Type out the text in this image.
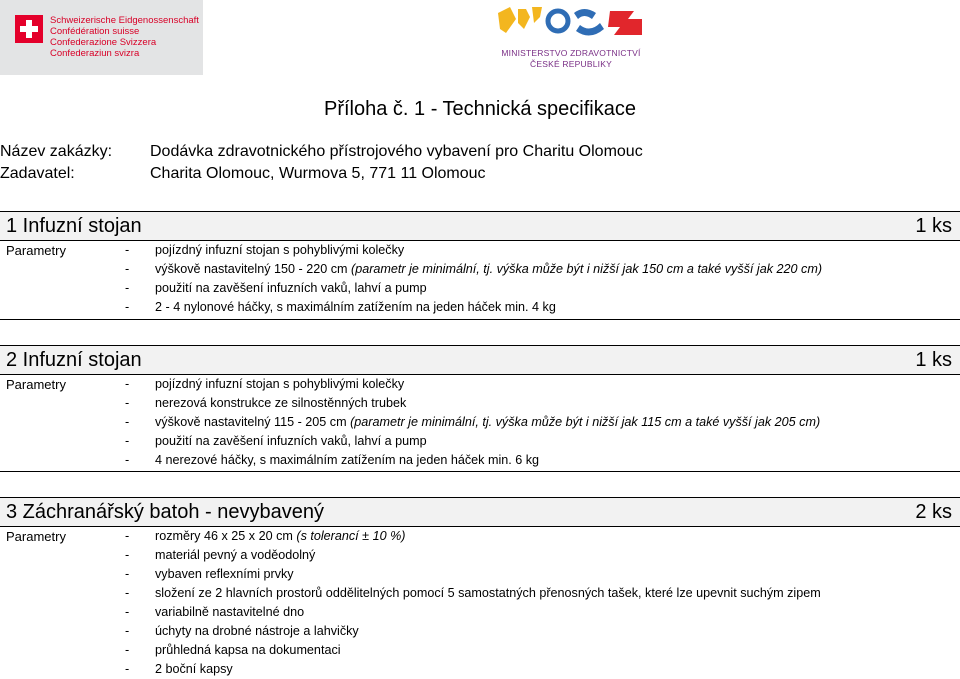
Schweizerische Eidgenossenschaft
Confédération suisse
Confederazione Svizzera
Confederaziun svizra	MINISTERSTVO ZDRAVOTNICTVÍ
ČESKÉ REPUBLIKY
Příloha č. 1 - Technická specifikace
Název zakázky: Dodávka zdravotnického přístrojového vybavení pro Charitu Olomouc
Zadavatel:	Charita Olomouc, Wurmova 5, 771 11 Olomouc
1 Infuzní stojan	1 ks
Parametry	- pojízdný infuzní stojan s pohyblivými kolečky
- výškově nastavitelný 150 - 220 cm (parametr je minimální, tj. výška může být i nižší jak 150 cm a také vyšší jak 220 cm)
- použití na zavěšení infuzních vaků, lahví a pump
- 2 - 4 nylonové háčky, s maximálním zatížením na jeden háček min. 4 kg
2 Infuzní stojan	1 ks
Parametry	- pojízdný infuzní stojan s pohyblivými kolečky
- nerezová konstrukce ze silnostěnných trubek
- výškově nastavitelný 115 - 205 cm (parametr je minimální, tj. výška může být i nižší jak 115 cm a také vyšší jak 205 cm)
- použití na zavěšení infuzních vaků, lahví a pump
- 4 nerezové háčky, s maximálním zatížením na jeden háček min. 6 kg
3 Záchranářský batoh - nevybavený	2 ks
Parametry	- rozměry 46 x 25 x 20 cm (s tolerancí ± 10 %)
- materiál pevný a voděodolný
- vybaven reflexními prvky
- složení ze 2 hlavních prostorů oddělitelných pomocí 5 samostatných přenosných tašek, které lze upevnit suchým zipem
- variabilně nastavitelné dno
- úchyty na drobné nástroje a lahvičky
- průhledná kapsa na dokumentaci
- 2 boční kapsy
